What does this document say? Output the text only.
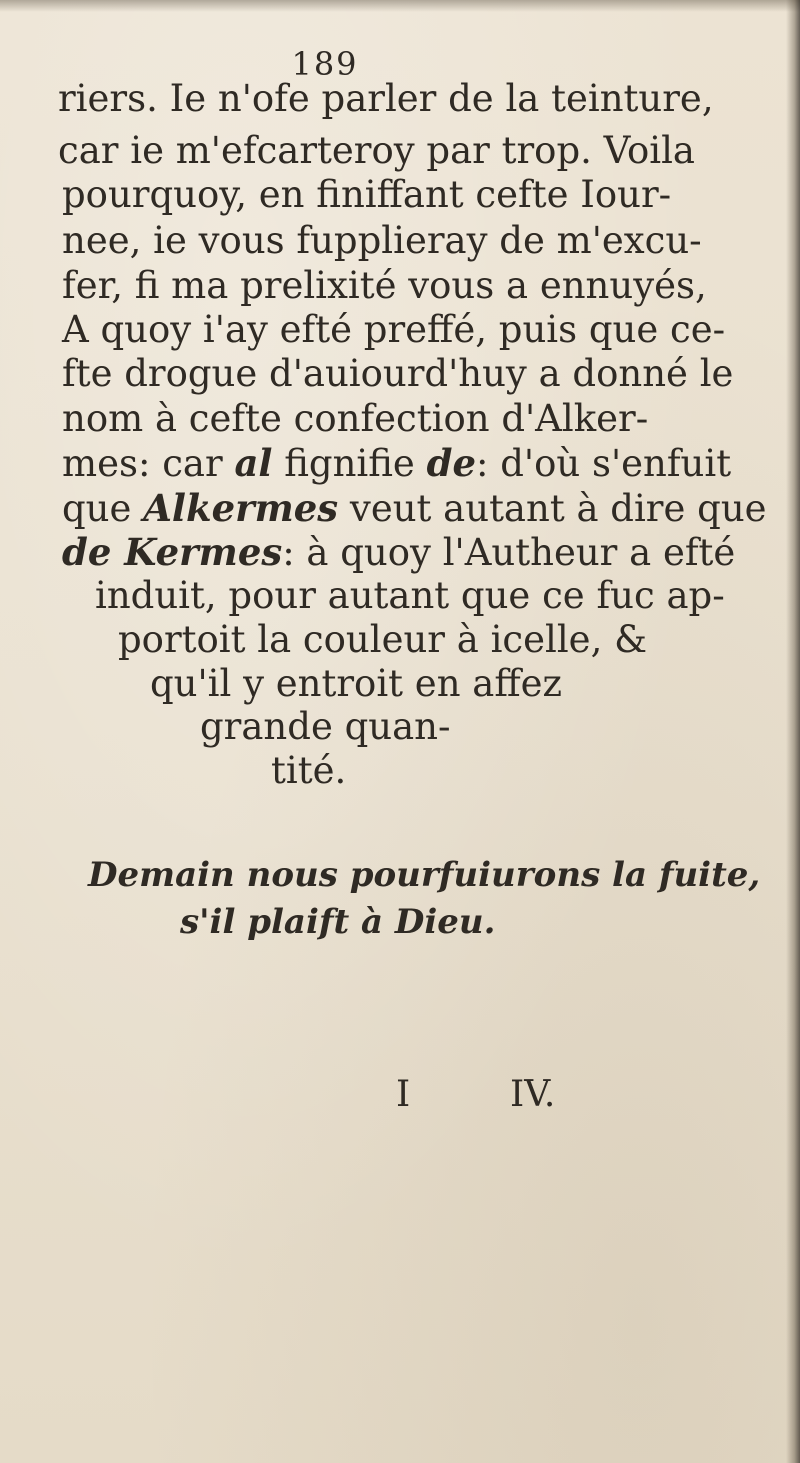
189
riers. Ie n'ofe parler de la teinture,
car ie m'efcarteroy par trop. Voila
pourquoy, en finiffant cefte Iour-
nee, ie vous fupplieray de m'excu-
fer, fi ma prelixité vous a ennuyés,
A quoy i'ay efté preffé, puis que ce-
fte drogue d'auiourd'huy a donné le
nom à cefte confection d'Alker-
mes: car al fignifie de: d'où s'enfuit
que Alkermes veut autant à dire que
de Kermes: à quoy l'Autheur a efté
induit, pour autant que ce fuc ap-
portoit la couleur à icelle, &
qu'il y entroit en affez
grande quan-
tité.
Demain nous pourfuiurons la fuite,
s'il plaift à Dieu.
I	IV.
